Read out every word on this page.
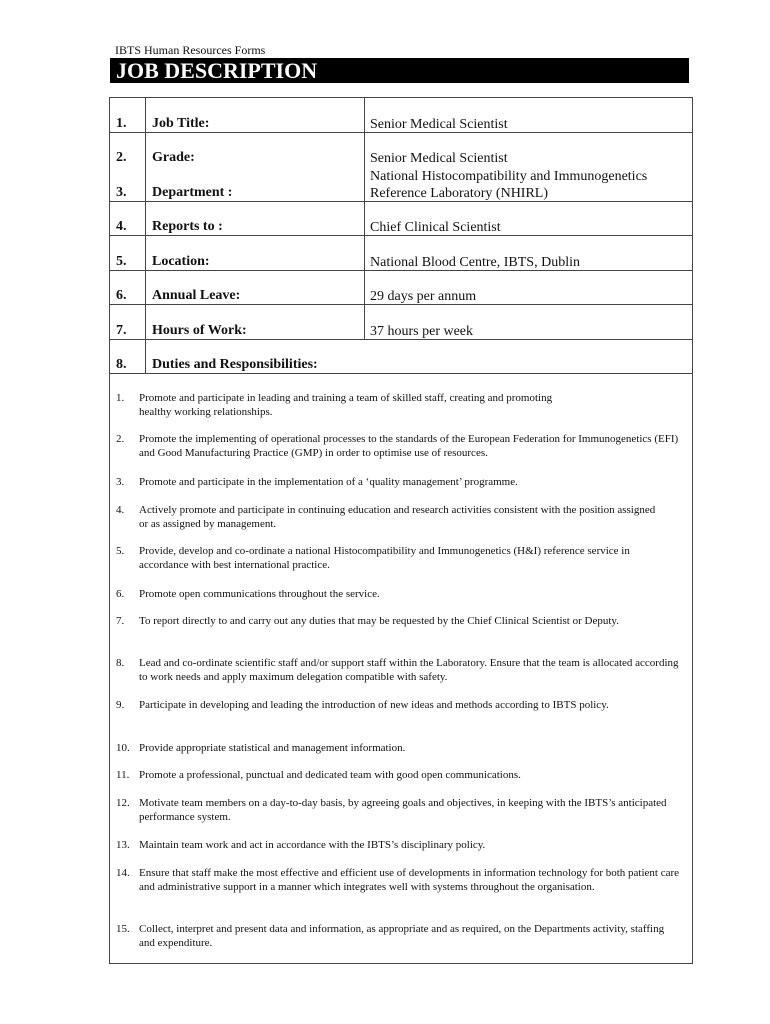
IBTS Human Resources Forms
JOB DESCRIPTION
1. Job Title:	Senior Medical Scientist
2. Grade:	Senior Medical Scientist
3. Department :
National Histocompatibility and Immunogenetics Reference Laboratory (NHIRL)
4. Reports to :	Chief Clinical Scientist
5. Location:	National Blood Centre, IBTS, Dublin
6. Annual Leave:	29 days per annum
7. Hours of Work:	37 hours per week
8. Duties and Responsibilities:
1. Promote and participate in leading and training a team of skilled staff, creating and promoting healthy working relationships.
2. Promote the implementing of operational processes to the standards of the European Federation for Immunogenetics (EFI) and Good Manufacturing Practice (GMP) in order to optimise use of resources.
3. Promote and participate in the implementation of a ‘quality management’ programme.
4. Actively promote and participate in continuing education and research activities consistent with the position assigned or as assigned by management.
5. Provide, develop and co-ordinate a national Histocompatibility and Immunogenetics (H&I) reference service in accordance with best international practice.
6. Promote open communications throughout the service.
7. To report directly to and carry out any duties that may be requested by the Chief Clinical Scientist or Deputy.
8. Lead and co-ordinate scientific staff and/or support staff within the Laboratory. Ensure that the team is allocated according to work needs and apply maximum delegation compatible with safety.
9. Participate in developing and leading the introduction of new ideas and methods according to IBTS policy.
10. Provide appropriate statistical and management information.
11. Promote a professional, punctual and dedicated team with good open communications.
12. Motivate team members on a day-to-day basis, by agreeing goals and objectives, in keeping with the IBTS’s anticipated performance system.
13. Maintain team work and act in accordance with the IBTS’s disciplinary policy.
14. Ensure that staff make the most effective and efficient use of developments in information technology for both patient care and administrative support in a manner which integrates well with systems throughout the organisation.
15. Collect, interpret and present data and information, as appropriate and as required, on the Departments activity, staffing and expenditure.
